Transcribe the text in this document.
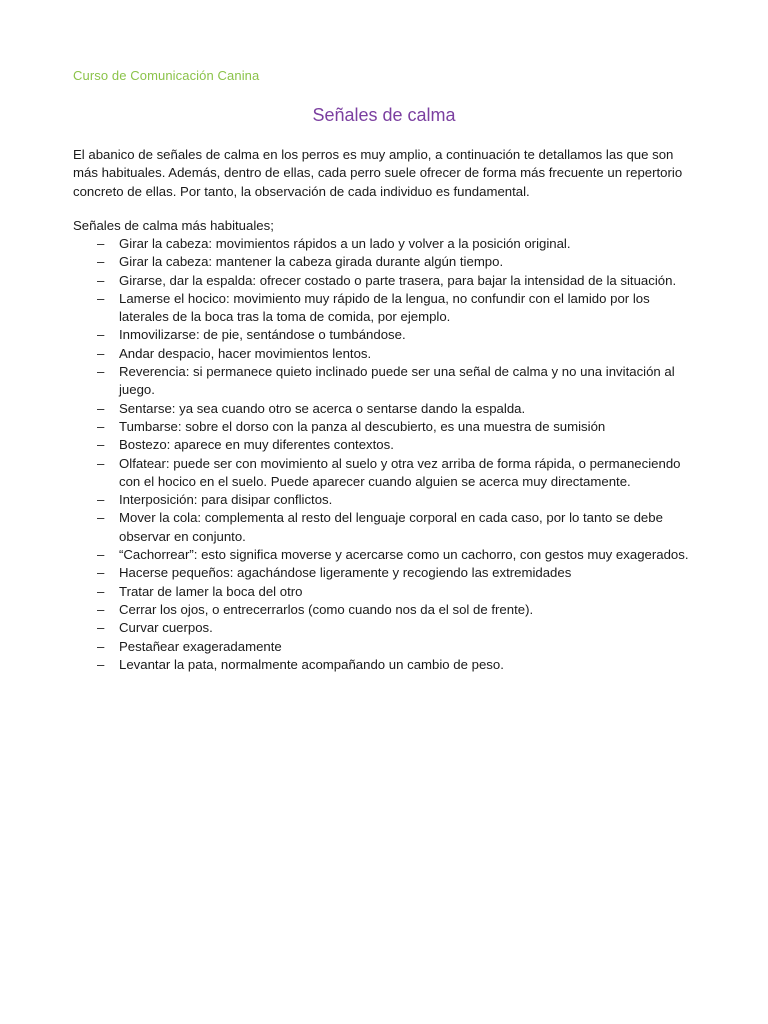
Curso de Comunicación Canina
Señales de calma

El abanico de señales de calma en los perros es muy amplio, a continuación te detallamos las que son más habituales. Además, dentro de ellas, cada perro suele ofrecer de forma más frecuente un repertorio concreto de ellas. Por tanto, la observación de cada individuo es fundamental.

Señales de calma más habituales;
– Girar la cabeza: movimientos rápidos a un lado y volver a la posición original.
– Girar la cabeza: mantener la cabeza girada durante algún tiempo.
– Girarse, dar la espalda: ofrecer costado o parte trasera, para bajar la intensidad de la situación.
– Lamerse el hocico: movimiento muy rápido de la lengua, no confundir con el lamido por los laterales de la boca tras la toma de comida, por ejemplo.
– Inmovilizarse: de pie, sentándose o tumbándose.
– Andar despacio, hacer movimientos lentos.
– Reverencia: si permanece quieto inclinado puede ser una señal de calma y no una invitación al juego.
– Sentarse: ya sea cuando otro se acerca o sentarse dando la espalda.
– Tumbarse: sobre el dorso con la panza al descubierto, es una muestra de sumisión
– Bostezo: aparece en muy diferentes contextos.
– Olfatear: puede ser con movimiento al suelo y otra vez arriba de forma rápida, o permaneciendo con el hocico en el suelo. Puede aparecer cuando alguien se acerca muy directamente.
– Interposición: para disipar conflictos.
– Mover la cola: complementa al resto del lenguaje corporal en cada caso, por lo tanto se debe observar en conjunto.
– “Cachorrear”: esto significa moverse y acercarse como un cachorro, con gestos muy exagerados.
– Hacerse pequeños: agachándose ligeramente y recogiendo las extremidades
– Tratar de lamer la boca del otro
– Cerrar los ojos, o entrecerrarlos (como cuando nos da el sol de frente).
– Curvar cuerpos.
– Pestañear exageradamente
– Levantar la pata, normalmente acompañando un cambio de peso.
